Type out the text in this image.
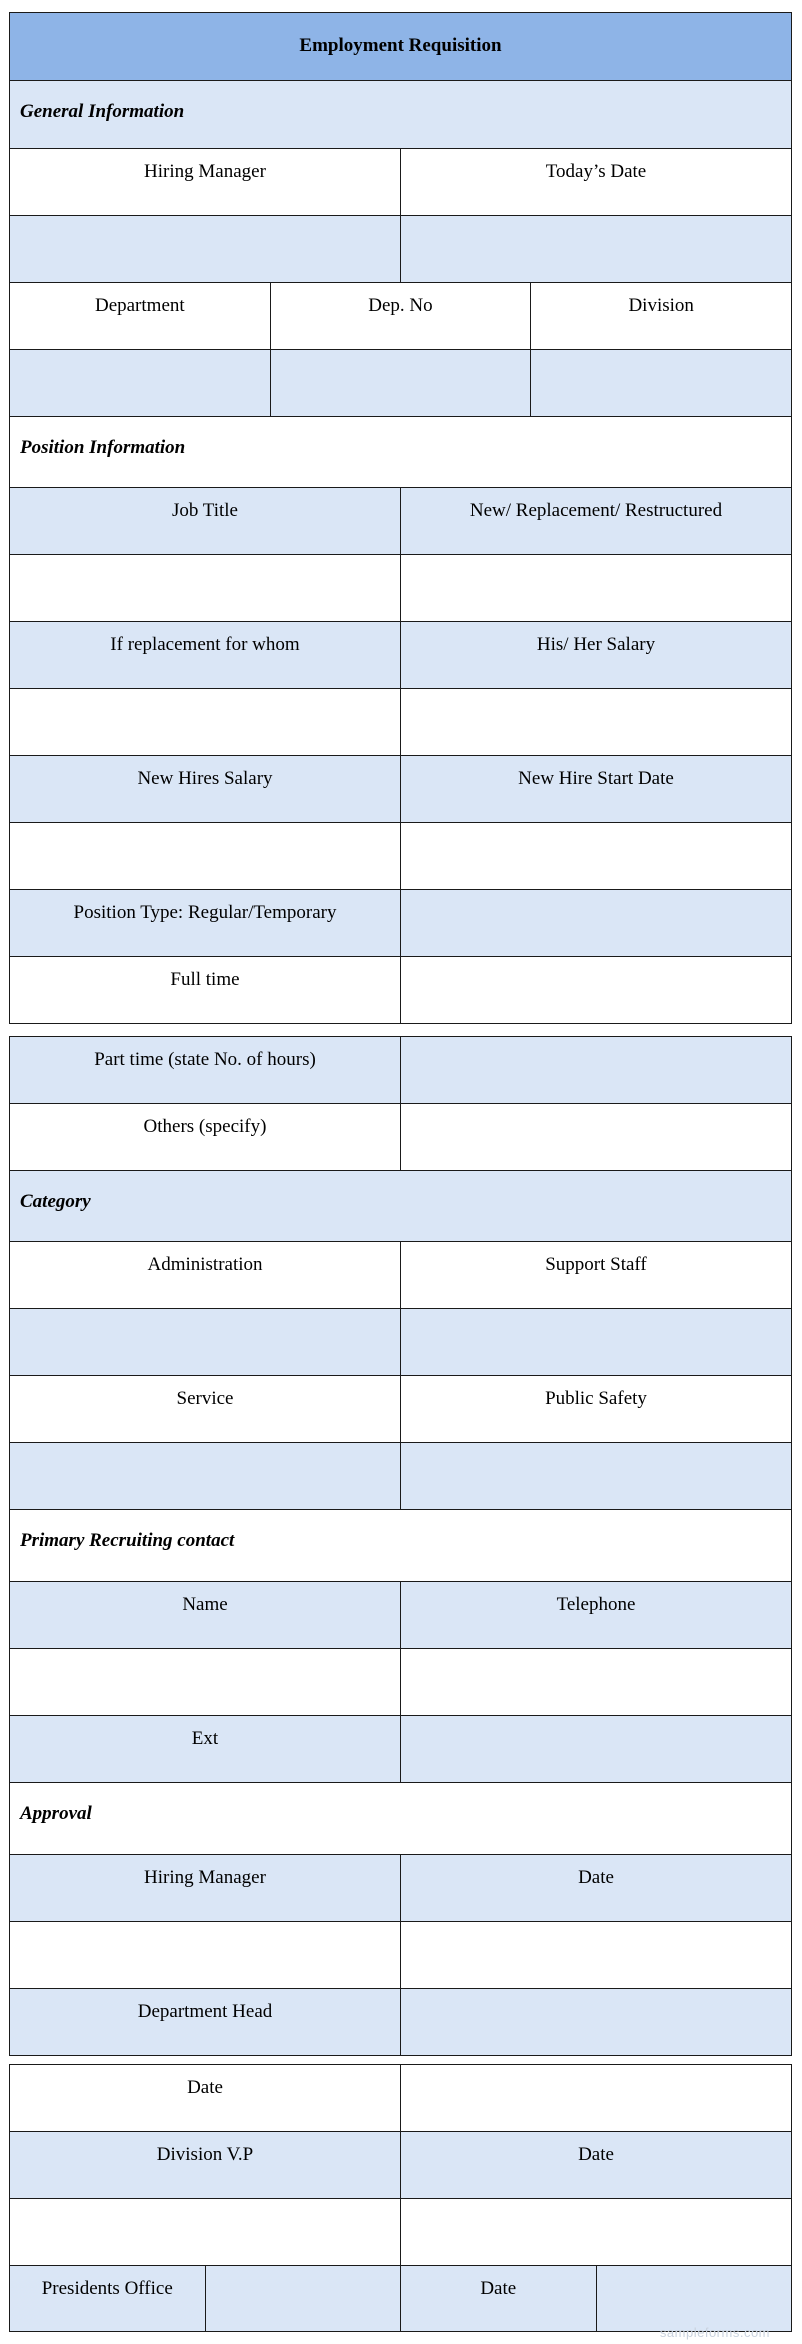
Employment Requisition			
General Information			
Hiring Manager		Today’s Date	

Department	Dep. No		Division

Position Information			
Job Title		New/ Replacement/ Restructured	

If replacement for whom		His/ Her Salary	

New Hires Salary		New Hire Start Date	

Position Type: Regular/Temporary			
Full time			
Part time (state No. of hours)	
Others (specify)	
Category	
Administration	Support Staff

Service	Public Safety

Primary Recruiting contact	
Name	Telephone

Ext	
Approval	
Hiring Manager	Date

Department Head	
Date			
Division V.P		Date	

Presidents Office		Date	
sampleforms.com
